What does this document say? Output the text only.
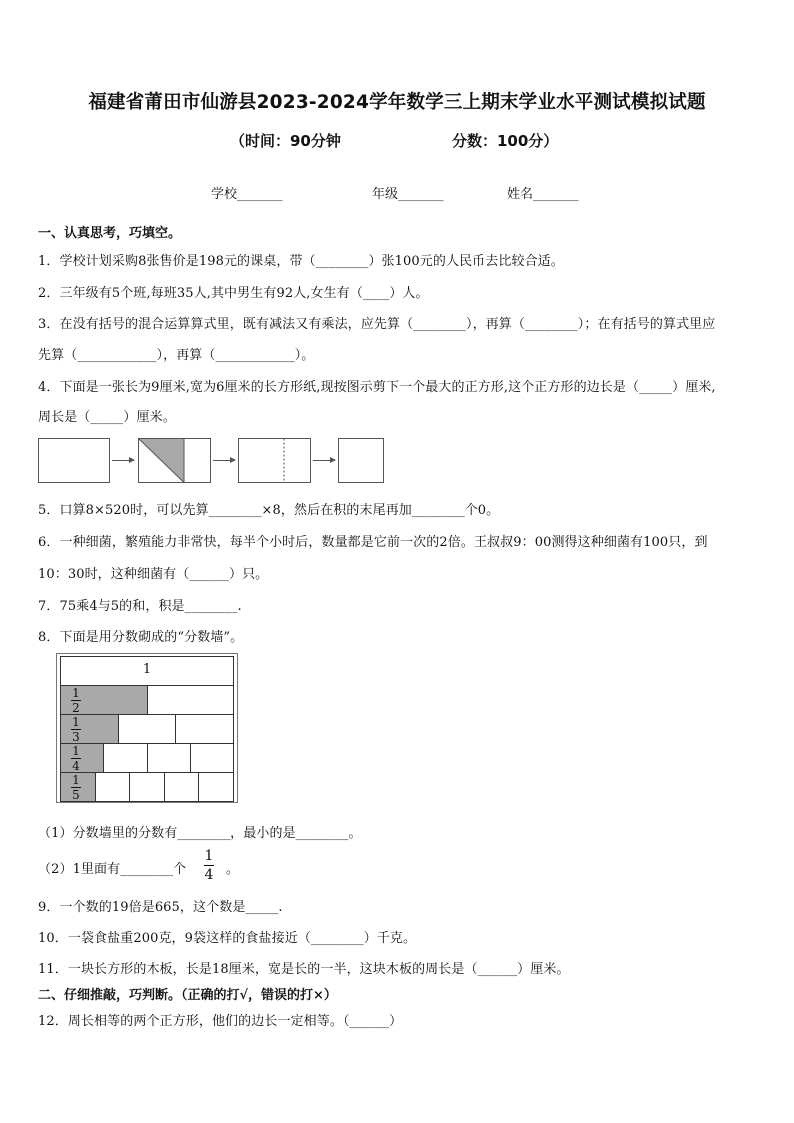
福建省莆田市仙游县2023-2024学年数学三上期末学业水平测试模拟试题
（时间：90分钟	分数：100分）
学校_______	年级_______	姓名_______
一、认真思考，巧填空。
1．学校计划采购8张售价是198元的课桌，带（________）张100元的人民币去比较合适。
2．三年级有5个班,每班35人,其中男生有92人,女生有（____）人。
3．在没有括号的混合运算算式里，既有减法又有乘法，应先算（________），再算（________）；在有括号的算式里应
先算（____________），再算（____________）。
4．下面是一张长为9厘米,宽为6厘米的长方形纸,现按图示剪下一个最大的正方形,这个正方形的边长是（_____）厘米,
周长是（_____）厘米。
5．口算8×520时，可以先算________×8，然后在积的末尾再加________个0。
6．一种细菌，繁殖能力非常快，每半个小时后，数量都是它前一次的2倍。王叔叔9：00测得这种细菌有100只，到
10：30时，这种细菌有（______）只。
7．75乘4与5的和，积是________.
8．下面是用分数砌成的“分数墙”。
1
1
2
1
3
1
4
1
5
（1）分数墙里的分数有________，最小的是________。
（2）1里面有________个
1
4 。
9．一个数的19倍是665，这个数是_____.
10．一袋食盐重200克，9袋这样的食盐接近（________）千克。
11．一块长方形的木板，长是18厘米，宽是长的一半，这块木板的周长是（______）厘米。
二、仔细推敲，巧判断。（正确的打√，错误的打×）
12．周长相等的两个正方形，他们的边长一定相等。（______）
